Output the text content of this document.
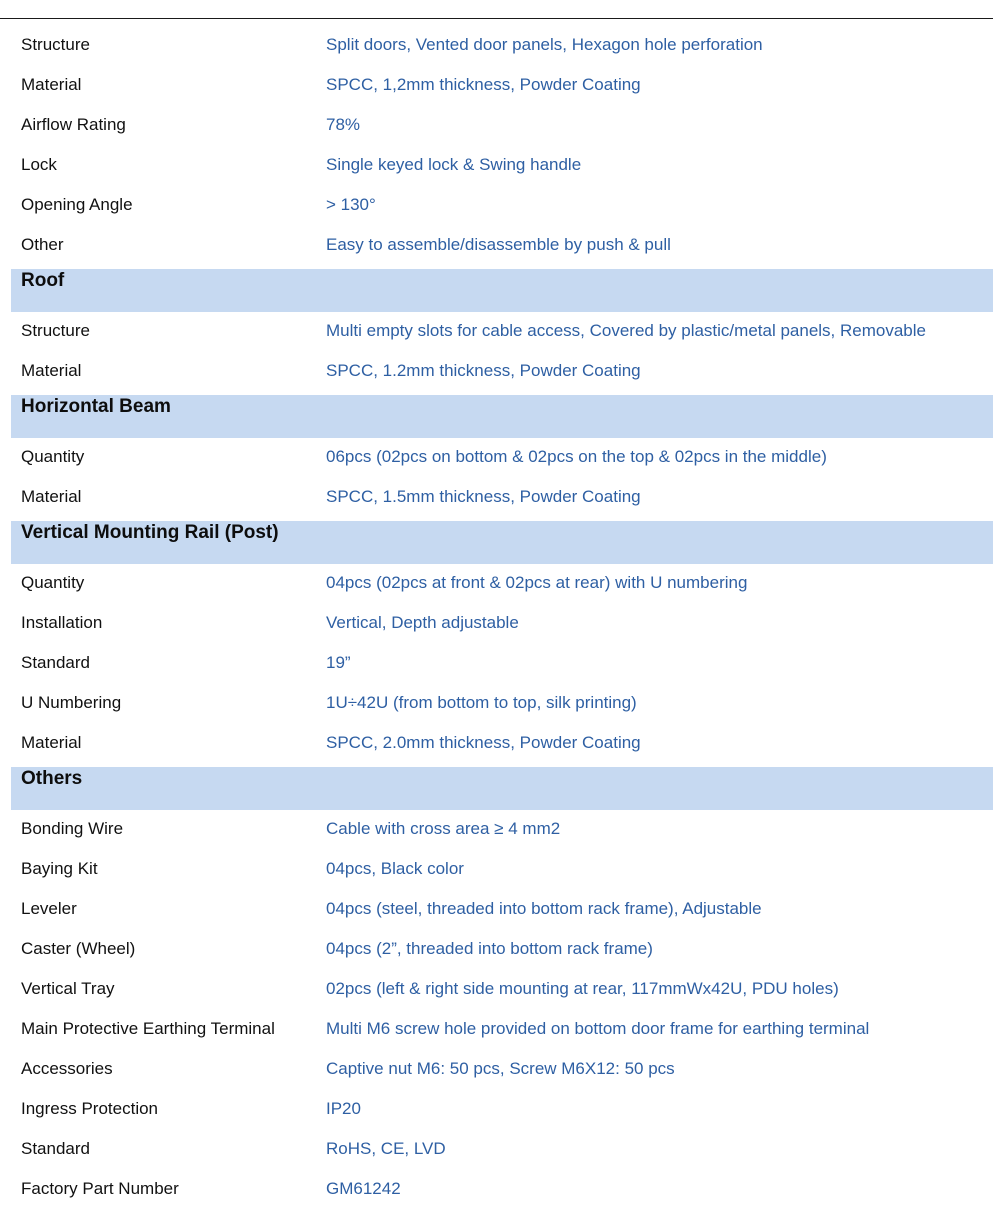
Structure	Split doors, Vented door panels, Hexagon hole perforation
Material	SPCC, 1,2mm thickness, Powder Coating
Airflow Rating	78%
Lock	Single keyed lock & Swing handle
Opening Angle	> 130°
Other	Easy to assemble/disassemble by push & pull
Roof
Structure	Multi empty slots for cable access, Covered by plastic/metal panels, Removable
Material	SPCC, 1.2mm thickness, Powder Coating
Horizontal Beam
Quantity	06pcs (02pcs on bottom & 02pcs on the top & 02pcs in the middle)
Material	SPCC, 1.5mm thickness, Powder Coating
Vertical Mounting Rail (Post)
Quantity	04pcs (02pcs at front & 02pcs at rear) with U numbering
Installation	Vertical, Depth adjustable
Standard	19”
U Numbering	1U÷42U (from bottom to top, silk printing)
Material	SPCC, 2.0mm thickness, Powder Coating
Others
Bonding Wire	Cable with cross area ≥ 4 mm2
Baying Kit	04pcs, Black color
Leveler	04pcs (steel, threaded into bottom rack frame), Adjustable
Caster (Wheel)	04pcs (2”, threaded into bottom rack frame)
Vertical Tray	02pcs (left & right side mounting at rear, 117mmWx42U, PDU holes)
Main Protective Earthing Terminal	Multi M6 screw hole provided on bottom door frame for earthing terminal
Accessories	Captive nut M6: 50 pcs, Screw M6X12: 50 pcs
Ingress Protection	IP20
Standard	RoHS, CE, LVD
Factory Part Number	GM61242
